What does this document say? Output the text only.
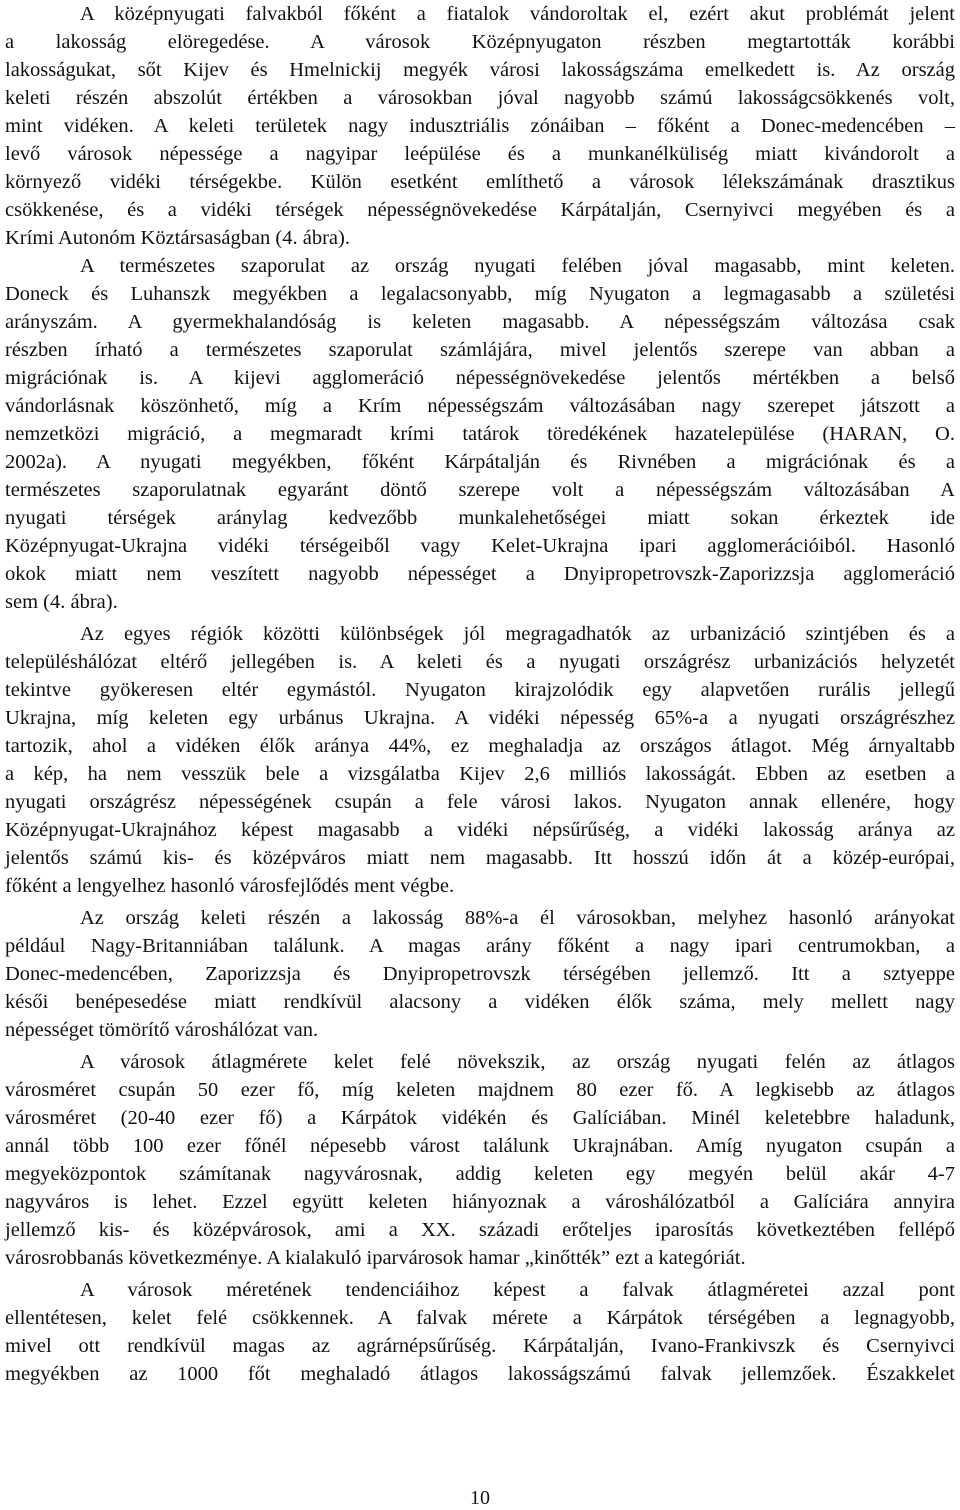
A középnyugati falvakból főként a fiatalok vándoroltak el, ezért akut problémát jelent
a lakosság elöregedése. A városok Középnyugaton részben megtartották korábbi
lakosságukat, sőt Kijev és Hmelnickij megyék városi lakosságszáma emelkedett is. Az ország
keleti részén abszolút értékben a városokban jóval nagyobb számú lakosságcsökkenés volt,
mint vidéken. A keleti területek nagy indusztriális zónáiban – főként a Donec-medencében –
levő városok népessége a nagyipar leépülése és a munkanélküliség miatt kivándorolt a
környező vidéki térségekbe. Külön esetként említhető a városok lélekszámának drasztikus
csökkenése, és a vidéki térségek népességnövekedése Kárpátalján, Csernyivci megyében és a
Krími Autonóm Köztársaságban (4. ábra).
A természetes szaporulat az ország nyugati felében jóval magasabb, mint keleten.
Doneck és Luhanszk megyékben a legalacsonyabb, míg Nyugaton a legmagasabb a születési
arányszám. A gyermekhalandóság is keleten magasabb. A népességszám változása csak
részben írható a természetes szaporulat számlájára, mivel jelentős szerepe van abban a
migrációnak is. A kijevi agglomeráció népességnövekedése jelentős mértékben a belső
vándorlásnak köszönhető, míg a Krím népességszám változásában nagy szerepet játszott a
nemzetközi migráció, a megmaradt krími tatárok töredékének hazatelepülése (HARAN, O.
2002a). A nyugati megyékben, főként Kárpátalján és Rivnében a migrációnak és a
természetes szaporulatnak egyaránt döntő szerepe volt a népességszám változásában A
nyugati térségek aránylag kedvezőbb munkalehetőségei miatt sokan érkeztek ide
Középnyugat-Ukrajna vidéki térségeiből vagy Kelet-Ukrajna ipari agglomerációiból. Hasonló
okok miatt nem veszített nagyobb népességet a Dnyipropetrovszk-Zaporizzsja agglomeráció
sem (4. ábra).
Az egyes régiók közötti különbségek jól megragadhatók az urbanizáció szintjében és a
településhálózat eltérő jellegében is. A keleti és a nyugati országrész urbanizációs helyzetét
tekintve gyökeresen eltér egymástól. Nyugaton kirajzolódik egy alapvetően rurális jellegű
Ukrajna, míg keleten egy urbánus Ukrajna. A vidéki népesség 65%-a a nyugati országrészhez
tartozik, ahol a vidéken élők aránya 44%, ez meghaladja az országos átlagot. Még árnyaltabb
a kép, ha nem vesszük bele a vizsgálatba Kijev 2,6 milliós lakosságát. Ebben az esetben a
nyugati országrész népességének csupán a fele városi lakos. Nyugaton annak ellenére, hogy
Középnyugat-Ukrajnához képest magasabb a vidéki népsűrűség, a vidéki lakosság aránya az
jelentős számú kis- és középváros miatt nem magasabb. Itt hosszú időn át a közép-európai,
főként a lengyelhez hasonló városfejlődés ment végbe.
Az ország keleti részén a lakosság 88%-a él városokban, melyhez hasonló arányokat
például Nagy-Britanniában találunk. A magas arány főként a nagy ipari centrumokban, a
Donec-medencében, Zaporizzsja és Dnyipropetrovszk térségében jellemző. Itt a sztyeppe
késői benépesedése miatt rendkívül alacsony a vidéken élők száma, mely mellett nagy
népességet tömörítő városhálózat van.
A városok átlagmérete kelet felé növekszik, az ország nyugati felén az átlagos
városméret csupán 50 ezer fő, míg keleten majdnem 80 ezer fő. A legkisebb az átlagos
városméret (20-40 ezer fő) a Kárpátok vidékén és Galíciában. Minél keletebbre haladunk,
annál több 100 ezer főnél népesebb várost találunk Ukrajnában. Amíg nyugaton csupán a
megyeközpontok számítanak nagyvárosnak, addig keleten egy megyén belül akár 4-7
nagyváros is lehet. Ezzel együtt keleten hiányoznak a városhálózatból a Galíciára annyira
jellemző kis- és középvárosok, ami a XX. századi erőteljes iparosítás következtében fellépő
városrobbanás következménye. A kialakuló iparvárosok hamar „kinőtték” ezt a kategóriát.
A városok méretének tendenciáihoz képest a falvak átlagméretei azzal pont
ellentétesen, kelet felé csökkennek. A falvak mérete a Kárpátok térségében a legnagyobb,
mivel ott rendkívül magas az agrárnépsűrűség. Kárpátalján, Ivano-Frankivszk és Csernyivci
megyékben az 1000 főt meghaladó átlagos lakosságszámú falvak jellemzőek. Északkelet
10
